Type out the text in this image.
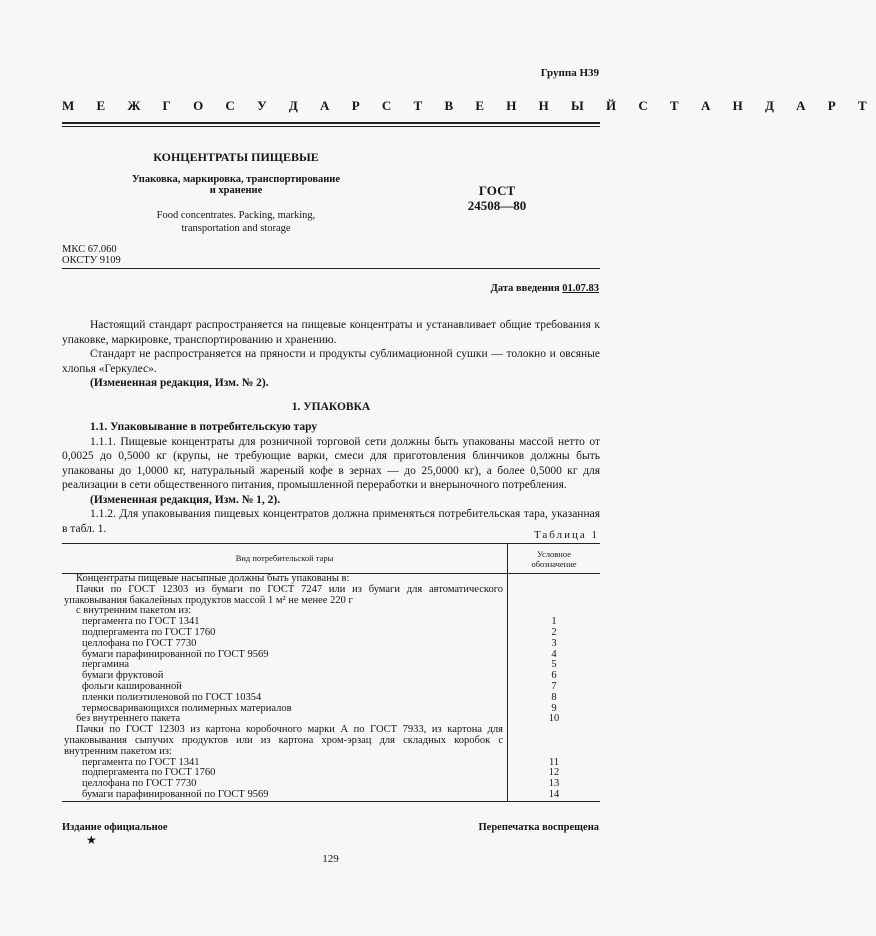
Группа Н39
М Е Ж Г О С У Д А Р С Т В Е Н Н Ы Й С Т А Н Д А Р Т
КОНЦЕНТРАТЫ ПИЩЕВЫЕ
Упаковка, маркировка, транспортирование
и хранение
Food concentrates. Packing, marking,
transportation and storage
ГОСТ
24508—80
МКС 67.060
ОКСТУ 9109
Дата введения 01.07.83

Настоящий стандарт распространяется на пищевые концентраты и устанавливает общие требования к упаковке, маркировке, транспортированию и хранению.

Стандарт не распространяется на пряности и продукты сублимационной сушки — толокно и овсяные хлопья «Геркулес».

(Измененная редакция, Изм. № 2).

1. УПАКОВКА

1.1. Упаковывание в потребительскую тару

1.1.1. Пищевые концентраты для розничной торговой сети должны быть упакованы массой нетто от 0,0025 до 0,5000 кг (крупы, не требующие варки, смеси для приготовления блинчиков должны быть упакованы до 1,0000 кг, натуральный жареный кофе в зернах — до 25,0000 кг), а более 0,5000 кг для реализации в сети общественного питания, промышленной переработки и внерыночного потребления.

(Измененная редакция, Изм. № 1, 2).

1.1.2. Для упаковывания пищевых концентратов должна применяться потребительская тара, указанная в табл. 1.

Таблица 1
Вид потребительской тары	Условное
обозначение

Концентраты пищевые насыпные должны быть упакованы в:	
Пачки по ГОСТ 12303 из бумаги по ГОСТ 7247 или из бумаги для автоматического упаковывания бакалейных продуктов массой 1 м² не менее 220 г	
с внутренним пакетом из:	
пергамента по ГОСТ 1341	1
подпергамента по ГОСТ 1760	2
целлофана по ГОСТ 7730	3
бумаги парафинированной по ГОСТ 9569	4
пергамина	5
бумаги фруктовой	6
фольги кашированной	7
пленки полиэтиленовой по ГОСТ 10354	8
термосваривающихся полимерных материалов	9
без внутреннего пакета	10
Пачки по ГОСТ 12303 из картона коробочного марки А по ГОСТ 7933, из картона для упаковывания сыпучих продуктов или из картона хром-эрзац для складных коробок с внутренним пакетом из:	
пергамента по ГОСТ 1341	11
подпергамента по ГОСТ 1760	12
целлофана по ГОСТ 7730	13
бумаги парафинированной по ГОСТ 9569	14
Издание официальное	Перепечатка воспрещена
★
129
